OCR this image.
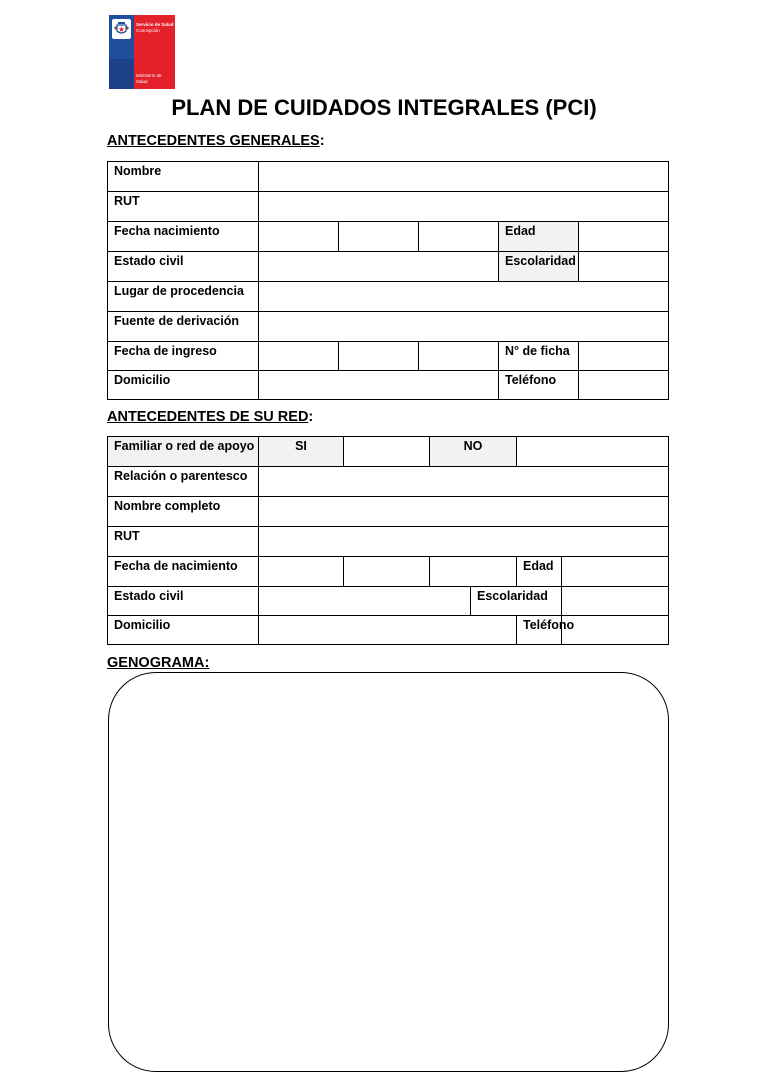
Servicio de Salud
Concepción
Ministerio de
Salud
PLAN DE CUIDADOS INTEGRALES (PCI)
ANTECEDENTES GENERALES:
Nombre					
RUT					
Fecha nacimiento				Edad	
Estado civil				Escolaridad	
Lugar de procedencia					
Fuente de derivación					
Fecha de ingreso				N° de ficha	
Domicilio				Teléfono	
ANTECEDENTES DE SU RED:
Familiar o red de apoyo	SI		NO			
Relación o parentesco						
Nombre completo						
RUT						
Fecha de nacimiento					Edad	
Estado civil				Escolaridad		
Domicilio					Teléfono	
GENOGRAMA:
